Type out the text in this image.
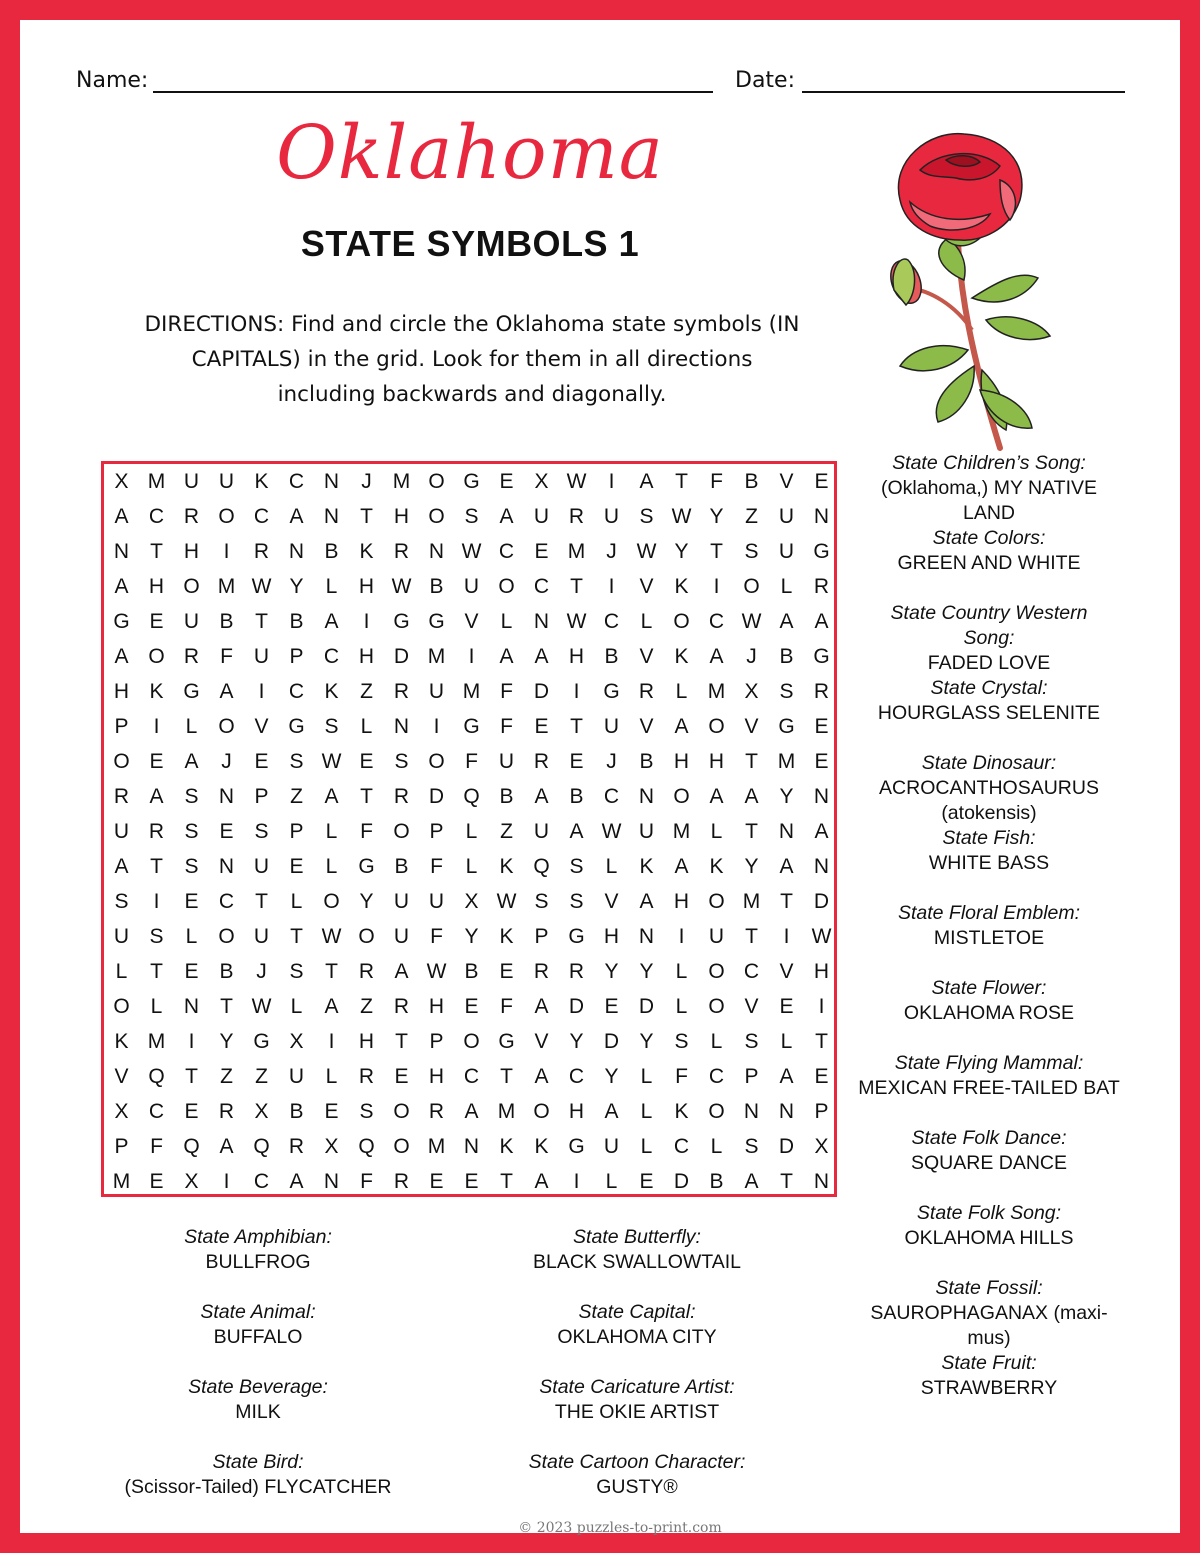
Name:	Date:
Oklahoma
STATE SYMBOLS 1
DIRECTIONS: Find and circle the Oklahoma state symbols (IN CAPITALS) in the grid. Look for them in all directions including backwards and diagonally.
X M U U K C N	J	M O G E X W	I	A	T	F	B V E
A C R O C A N	T	H O S A U R U S W Y	Z	U N
N	T	H	I	R N B K R N W C E M	J W Y	T	S U G
A H O M W Y	L	H W B U O C	T	I	V K	I	O L	R
G E U B	T	B A	I	G G V	L	N W C	L O C W A A
A O R	F	U P C H D M	I	A A H B V K A	J	B G
H K G A	I	C K	Z	R U M F	D	I	G R	L M X S R
P	I	L O V G S	L	N	I	G F	E	T	U V A O V G E
O E A	J	E S W E S O F	U R E	J	B H H	T M E
R A S N P	Z	A	T	R D Q B A B C N O A A Y N
U R S E S P	L	F O P	L	Z	U A W U M L	T	N A
A	T	S N U E	L G B	F	L	K Q S	L	K A K Y A N
S	I	E C	T	L O Y U U X W S S V A H O M T	D
U S	L O U	T W O U	F	Y K P G H N	I	U	T	I	W
L	T	E B	J	S	T	R A W B E R R Y Y	L O C V H
O L	N	T W L	A	Z	R H E	F	A D E D	L O V E	I
K M	I	Y G X	I	H	T	P O G V Y D Y S	L	S	L	T
V Q T	Z	Z	U	L	R E H C	T	A C Y	L	F	C P A E
X C E R X B E S O R A M O H A	L	K O N N P
P	F Q A Q R X Q O M N K K G U	L	C	L	S D X
M E X	I	C A N	F	R E E	T	A	I	L	E D B A	T	N
State Amphibian:
BULLFROG
State Animal:
BUFFALO
State Beverage:
MILK
State Bird:
(Scissor-Tailed) FLYCATCHER
State Butterfly:
BLACK SWALLOWTAIL
State Capital:
OKLAHOMA CITY
State Caricature Artist:
THE OKIE ARTIST
State Cartoon Character:
GUSTY®
State Children’s Song:
(Oklahoma,) MY NATIVE
LAND
State Colors:
GREEN AND WHITE
State Country Western
Song:
FADED LOVE
State Crystal:
HOURGLASS SELENITE
State Dinosaur:
ACROCANTHOSAURUS
(atokensis)
State Fish:
WHITE BASS
State Floral Emblem:
MISTLETOE
State Flower:
OKLAHOMA ROSE
State Flying Mammal:
MEXICAN FREE-TAILED BAT
State Folk Dance:
SQUARE DANCE
State Folk Song:
OKLAHOMA HILLS
State Fossil:
SAUROPHAGANAX (maxi-
mus)
State Fruit:
STRAWBERRY
© 2023 puzzles-to-print.com
